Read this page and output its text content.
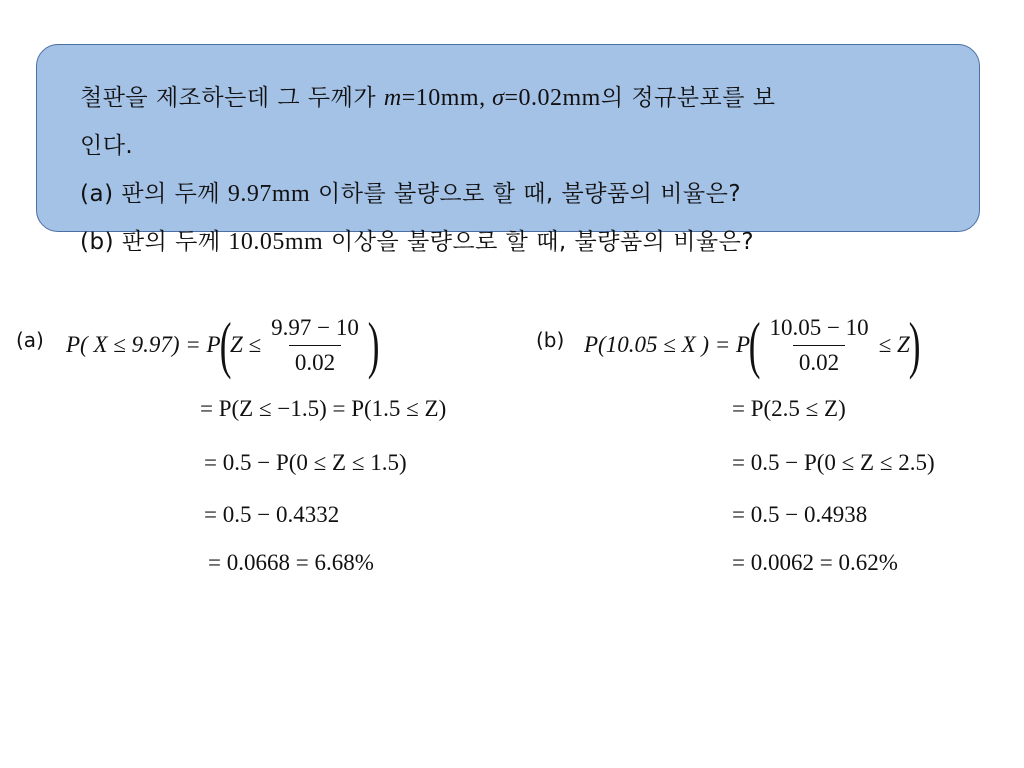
철판을 제조하는데 그 두께가 m=10mm, σ=0.02mm의 정규분포를 보
인다.
(a) 판의 두께 9.97mm 이하를 불량으로 할 때, 불량품의 비율은?
(b) 판의 두께 10.05mm 이상을 불량으로 할 때, 불량품의 비율은?
(a) P( X ≤ 9.97) = P
(
$Z \le \frac{9.97 - 10}{0.02}$ )
= P(Z ≤ −1.5) = P(1.5 ≤ Z)
= 0.5 − P(0 ≤ Z ≤ 1.5)
= 0.5 − 0.4332
= 0.0668 = 6.68%
(b) P(10.05 ≤ X ) = P
( $\frac{10.05 - 10}{0.02} \le Z$
)
= P(2.5 ≤ Z)
= 0.5 − P(0 ≤ Z ≤ 2.5)
= 0.5 − 0.4938
= 0.0062 = 0.62%
